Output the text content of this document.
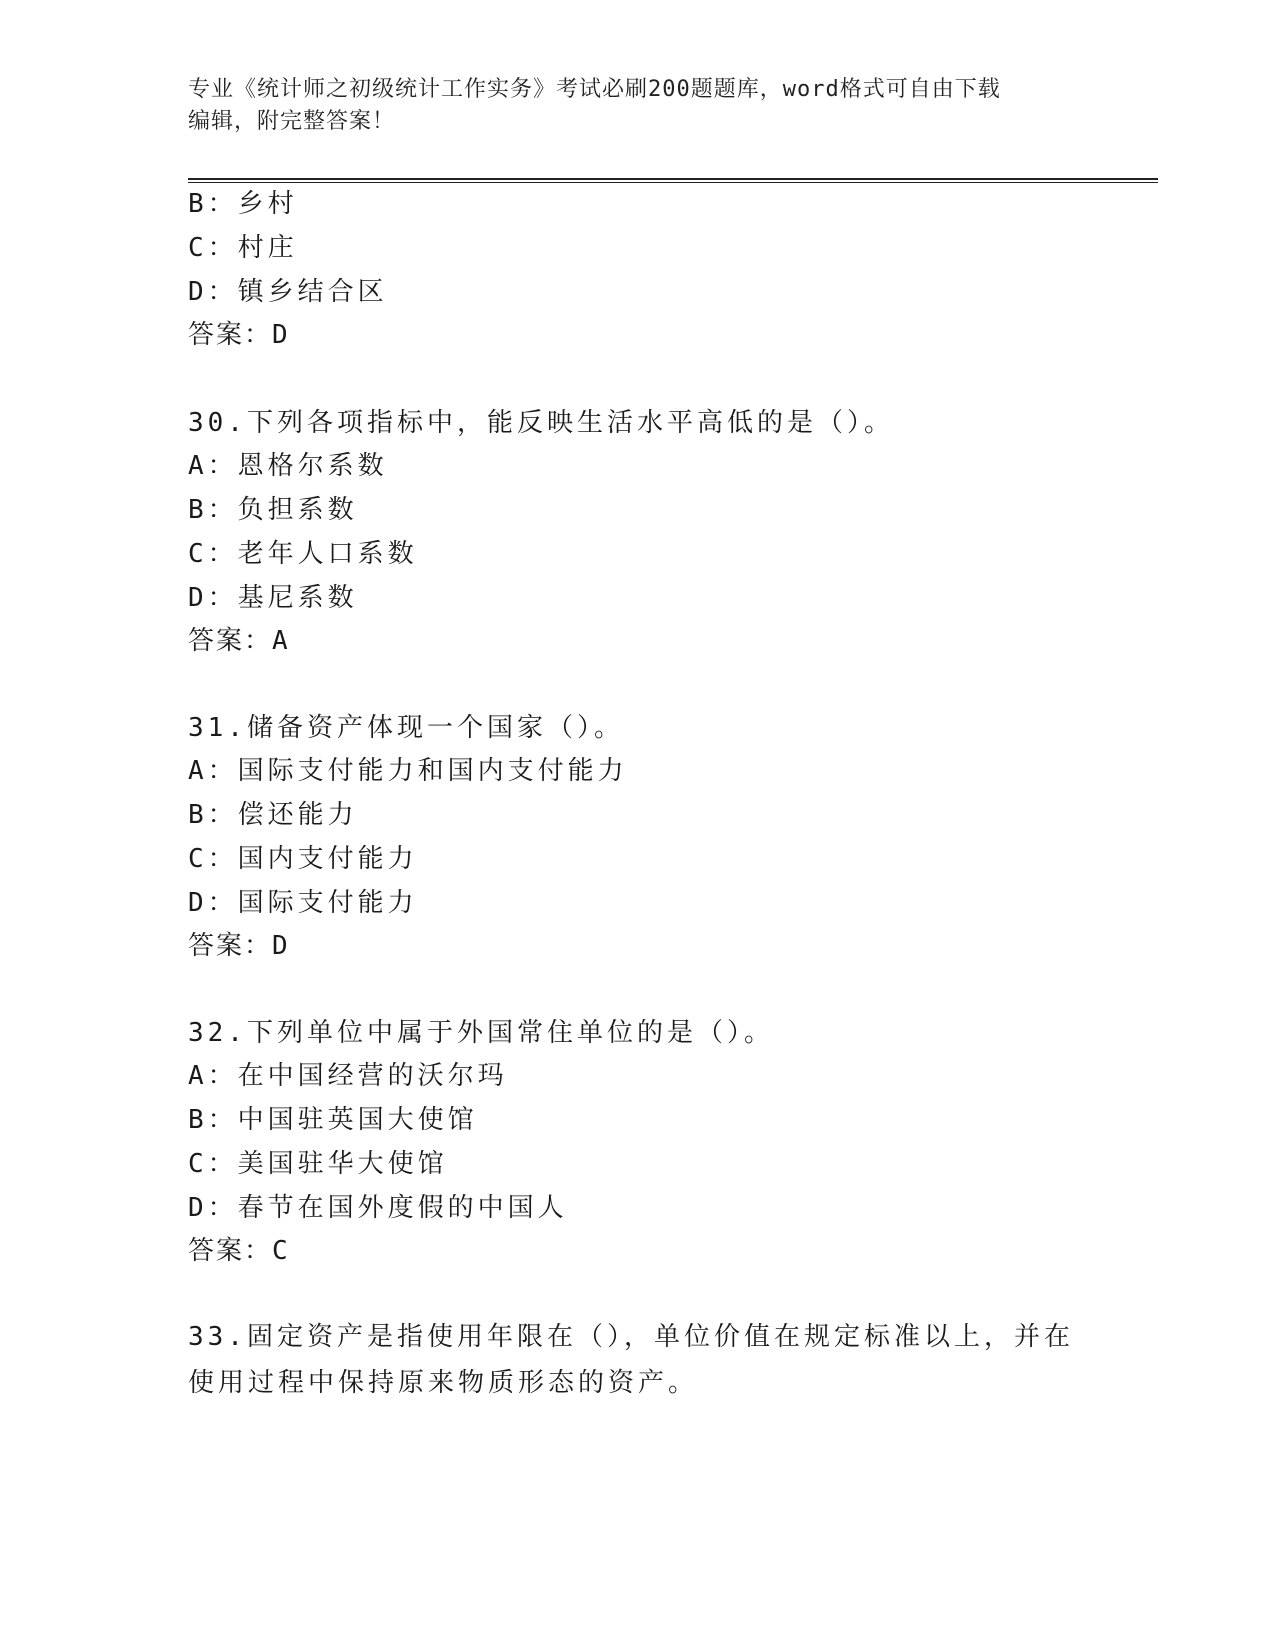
专业《统计师之初级统计工作实务》考试必刷200题题库，word格式可自由下载
编辑，附完整答案！
B：乡村
C：村庄
D：镇乡结合区
答案：D
30.下列各项指标中，能反映生活水平高低的是（）。
A：恩格尔系数
B：负担系数
C：老年人口系数
D：基尼系数
答案：A
31.储备资产体现一个国家（）。
A：国际支付能力和国内支付能力
B：偿还能力
C：国内支付能力
D：国际支付能力
答案：D
32.下列单位中属于外国常住单位的是（）。
A：在中国经营的沃尔玛
B：中国驻英国大使馆
C：美国驻华大使馆
D：春节在国外度假的中国人
答案：C
33.固定资产是指使用年限在（），单位价值在规定标准以上，并在使用过程中保持原来物质形态的资产。
